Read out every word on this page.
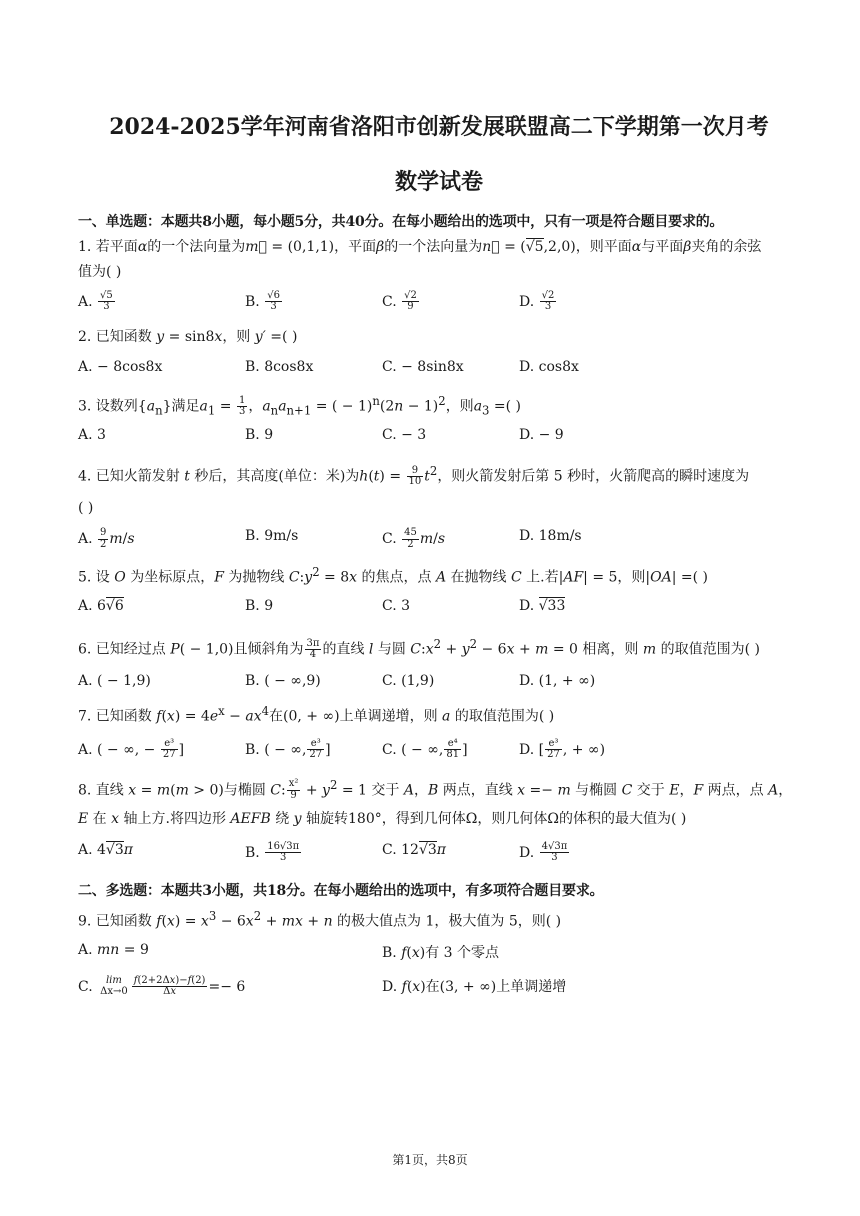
2024-2025学年河南省洛阳市创新发展联盟高二下学期第一次月考
数学试卷

一、单选题：本题共8小题，每小题5分，共40分。在每小题给出的选项中，只有一项是符合题目要求的。

1. 若平面α的一个法向量为m⃗ = (0,1,1)，平面β的一个法向量为n⃗ = (√5,2,0)，则平面α与平面β夹角的余弦

值为( )

A. $\frac{√5}{3}$	B. $\frac{√6}{3}$	C. $\frac{√2}{9}$	D. $\frac{√2}{3}$

2. 已知函数 y = sin8x，则 y′ =( )

A. − 8cos8x	B. 8cos8x	C. − 8sin8x	D. cos8x

3. 设数列$\{a_n\}$满足$a_1 = \frac{1}{3}$ ，$a_na_{n+1}$ = ( − $1)^n(2n - 1)^2$，则$a_3$ =( )

A. 3	B. 9	C. − 3	D. − 9

4. 已知火箭发射 t 秒后，其高度(单位：米)为$h(t) = \frac{9}{10} t^2$，则火箭发射后第 5 秒时，火箭爬高的瞬时速度为

( )

A. $\frac{9}{2} m/s$	B. 9m/s	C. $\frac{45}{2} m/s$	D. 18m/s

5. 设 O 为坐标原点，F 为抛物线 $C:y^2 = 8x$ 的焦点，点 A 在抛物线 C 上.若|AF| = 5，则|OA| =( )

A. 6√6	B. 9	C. 3	D. √33

6. 已知经过点 P( − 1,0)且倾斜角为 $\frac{3\pi}{4}$ 的直线 l 与圆 $C:x^2 + y^2 - 6x + m = 0$ 相离，则 m 的取值范围为( )

A. ( − 1,9)	B. ( − ∞,9)	C. (1,9)	D. (1, + ∞)

7. 已知函数 $f(x) = 4e^x - ax^4$在(0, + ∞)上单调递增，则 a 的取值范围为( )

A. ( − ∞, − $\frac{\text{e³}}{27}$ ]	B. ( − ∞, $\frac{\text{e³}}{27}$ ]	C. ( − ∞, $\frac{\text{e⁴}}{81}$ ]	D. [ $\frac{\text{e³}}{27}$ , + ∞)

8. 直线 x = m(m > 0)与椭圆 C: $\frac{\text{x²}}{9} + y^2 = 1$ 交于 A，B 两点，直线 x =− m 与椭圆 C 交于 E，F 两点，点 A，

E 在 x 轴上方.将四边形 AEFB 绕 y 轴旋转180°，得到几何体Ω，则几何体Ω的体积的最大值为( )

A. 4√3π	B. $\frac{16√3\pi}{3}$	C. 12√3π	D. $\frac{4√3\pi}{3}$

二、多选题：本题共3小题，共18分。在每小题给出的选项中，有多项符合题目要求。

9. 已知函数 $f(x) = x^3 - 6x^2$ + mx + n 的极大值点为 1，极大值为 5，则( )

A. mn = 9	B. f(x)有 3 个零点
C. lim
$\Delta x\to 0 \frac{f(2+2\Delta x)-f(2)}{\Delta x} =- 6$	D. f(x)在(3, + ∞)上单调递增
第1页，共8页
